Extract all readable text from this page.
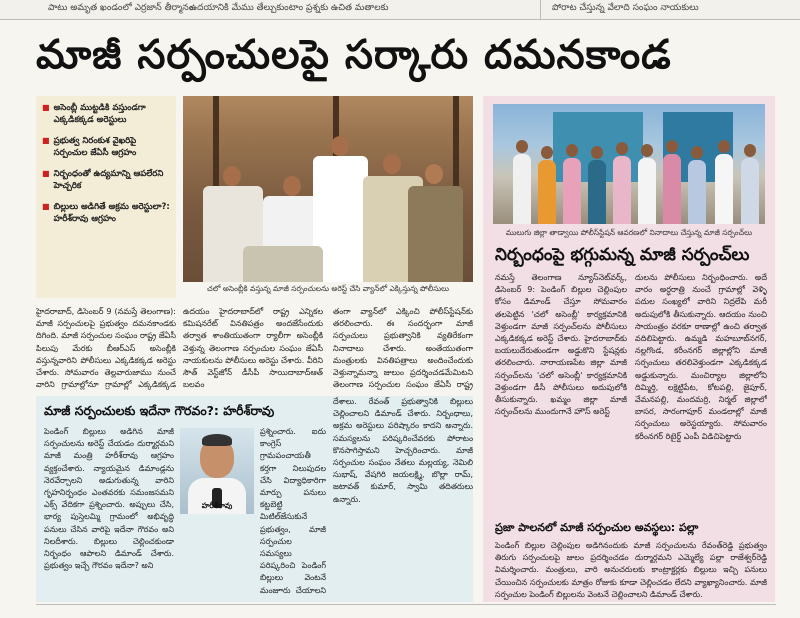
పాటు అమృత ఖండంలో ఎర్రజాన్ తీర్మానం
ఉదయానికి మేము తేల్చుకుంటాం ప్రశ్నకు ఉచిత మతాలకు	పోరాట చేస్తున్న వేలాది సంఘం నాయకులు
మాజీ సర్పంచులపై సర్కారు దమనకాండ
■ అసెంబ్లీ ముట్టడికి వస్తుండగా ఎక్కడికక్కడ అరెస్టులు
■ ప్రభుత్వ నిరంకుశ వైఖరిపై సర్పంచుల జేఏసీ ఆగ్రహం
■ నిర్బంధంతో ఉద్యమాన్ని ఆపలేరని హెచ్చరిక
■ బిల్లులు అడిగితే అక్రమ అరెస్టులా?: హరీశ్‌రావు ఆగ్రహం
చలో అసెంబ్లీకి వస్తున్న మాజీ సర్పంచులను అరెస్ట్ చేసి వ్యాన్‌లో ఎక్కిస్తున్న పోలీసులు
ములుగు జిల్లా తాడ్వాయి పోలీస్‌స్టేషన్ ఆవరణలో నినాదాలు చేస్తున్న మాజీ సర్పంచ్‌లు
నిర్బంధంపై భగ్గుమన్న మాజీ సర్పంచ్‌లు
హైదరాబాద్, డిసెంబర్ 9 (నమస్తే తెలంగాణ): మాజీ సర్పంచులపై ప్రభుత్వం దమనకాండకు దిగింది. మాజీ సర్పంచుల సంఘం రాష్ట్ర జేఏసీ పిలుపు మేరకు బీఆర్ఎస్ అసెంబ్లీకి వస్తున్నవారిని పోలీసులు ఎక్కడికక్కడ అరెస్టు చేశారు. సోమవారం తెల్లవారుజాము నుంచే వారిని గ్రామాల్లోనూ గ్రామాల్లో ఎక్కడికక్కడ
ఉదయం హైదరాబాద్‌లో రాష్ట్ర ఎన్నికల కమిషనరేట్ వినతిపత్రం అందజేసేందుకు తర్వాత శాంతియుతంగా ర్యాలీగా అసెంబ్లీకి వెళ్తున్న తెలంగాణ సర్పంచుల సంఘం జేఏసీ నాయకులను పోలీసులు అరెస్టు చేశారు. వీరిని సౌత్ వెస్ట్‌జోన్ డీసీపీ సాయిదాబాద్‌ఆత్ బలవం
తంగా వ్యాన్‌లో ఎక్కించి పోలీస్‌స్టేషన్‌కు తరలించారు. ఈ సందర్భంగా మాజీ సర్పంచులు ప్రభుత్వానికి వ్యతిరేకంగా నినాదాలు చేశారు. అంతేయుతంగా మంత్రులకు వినతిపత్రాలు అందించేందుకు వెళ్తున్నామన్నా జులుం ప్రదర్శించడమేమిటని తెలంగాణ సర్పంచుల సంఘం జేఏసీ రాష్ట్ర
నమస్తే తెలంగాణ న్యూస్‌నెట్‌వర్క్, డిసెంబర్ 9: పెండింగ్ బిల్లుల చెల్లింపుల కోసం డిమాండ్ చేస్తూ సోమవారం తలపెట్టిన 'చలో అసెంబ్లీ' కార్యక్రమానికి వెళ్తుండగా మాజీ సర్పంచ్‌లను పోలీసులు ఎక్కడికక్కడ అరెస్ట్ చేశారు. హైదరాబాద్‌కు బయలుదేరుతుండగా అడ్డుకొని స్టేషన్లకు తరలించారు. నారాయణపేట జిల్లా మాజీ సర్పంచ్‌లను 'చలో అసెంబ్లీ' కార్యక్రమానికి వెళ్తుండగా డీసీ పోలీసులు అదుపులోకి తీసుకున్నారు. ఖమ్మం జిల్లా మాజీ సర్పంచ్‌లను ముందుగానే హౌస్ అరెస్ట్
దులను పోలీసులు నిర్బంధించారు. అదే వారం అర్ధరాత్రి నుంచే గ్రామాల్లో వెళ్ళి పదుల సంఖ్యలో వారిని నిద్రలేపి మరీ అదుపులోకి తీసుకున్నారు. ఆదయం నుంచి సాయంత్రం వరకూ ఠాణాల్లో ఉంచి తర్వాత వదిలిపెట్టారు. ఉమ్మడి మహబూబ్‌నగర్, నల్లగొండ, కరీంనగర్ జిల్లాల్లోని మాజీ సర్పంచులు తరలివెళ్తుండగా ఎక్కడికక్కడ అడ్డుకున్నారు. మంచిర్యాల జిల్లాలోని దిమ్మిర్తి, లక్షెట్టిపేట, కోటపల్లి, జైపూర్, వేమనపల్లి, మందమర్రి, నిర్మల్ జిల్లాలో బాసర, సారంగాపూర్ మండలాల్లో మాజీ సర్పంచులు అరెస్టయ్యారు. సోమవారం కరీంనగర్ రిటైర్డ్ ఎంపీ విడిచిపెట్టారు
ప్రజా పాలనలో మాజీ సర్పంచుల అవస్థలు: పల్లా
పెండింగ్ బిల్లుల చెల్లింపుల అడిగినందుకు మాజీ సర్పంచులను రేవంత్‌రెడ్డి ప్రభుత్వం తిరుగు సర్పంచులపై జులం ప్రదర్శించడం దుర్మార్గమని ఎమ్మెల్యే పల్లా రాజేశ్వర్‌రెడ్డి విమర్శించారు. మంత్రులు, వారి అనుచరులకు కాంట్రాక్టర్లకు బిల్లులు ఇచ్చి పనులు చేయించిన సర్పంచులకు మాత్రం రోజుకు కూడా చెల్లించడం లేదని వ్యాఖ్యానించారు. మాజీ సర్పంచుల పెండింగ్ బిల్లులను వెంటనే చెల్లించాలని డిమాండ్ చేశారు.
మాజీ సర్పంచులకు ఇదేనా గౌరవం?: హరీశ్‌రావు
పెండింగ్ బిల్లులు అడిగిన మాజీ సర్పంచులను అరెస్ట్ చేయడం దుర్మార్గమని మాజీ మంత్రి హరీశ్‌రావు ఆగ్రహం వ్యక్తంచేశారు. న్యాయమైన డిమాండ్లను నెరవేర్చాలని అడుగుతున్న వారిని గృహనిర్బంధం ఎంతవరకు సమంజసమని ఎక్స్ వేదికగా ప్రశ్నించారు. అప్పులు చేసి, భార్య పుస్తెలమ్మి గ్రామంలో అభివృద్ధి పనులు చేసిన వారిపై ఇదేనా గౌరవం అని నిలదీశారు. బిల్లులు చెల్లించకుండా నిర్బంధం ఆపాలని డిమాండ్ చేశారు. ప్రభుత్వం ఇచ్చే గౌరవం ఇదేనా? అని
హరీశ్‌రావు
ప్రశ్నించారు. ఐదు కాంగ్రెస్ గ్రామపంచాయతీ కర్తగా నిలుపుదల చేసి విద్యాధికారిగా మార్పు పనులు కట్టబెట్టి మిటిల్‌జేసుకునే ప్రభుత్వం, మాజీ సర్పంచుల సమస్యలు పరిష్కరించి పెండింగ్ బిల్లులు వెంటనే మంజూరు చేయాలని
దేశాలు. రేవంత్ ప్రభుత్వానికి బిల్లులు చెల్లించాలని డిమాండ్ చేశారు. నిర్బంధాలు, అక్రమ అరెస్టులు పరిష్కారం కాదని అన్నారు. సమస్యలను పరిష్కరించేవరకు పోరాటం కొనసాగిస్తామని హెచ్చరించారు. మాజీ సర్పంచుల సంఘం నేతలు మల్లయ్య, నెమిలి సుభాష్, వేషగిరి జయలక్ష్మి, బొల్లా రామ్, జటావత్ కుమార్, స్వామి తదితరులు ఉన్నారు.
